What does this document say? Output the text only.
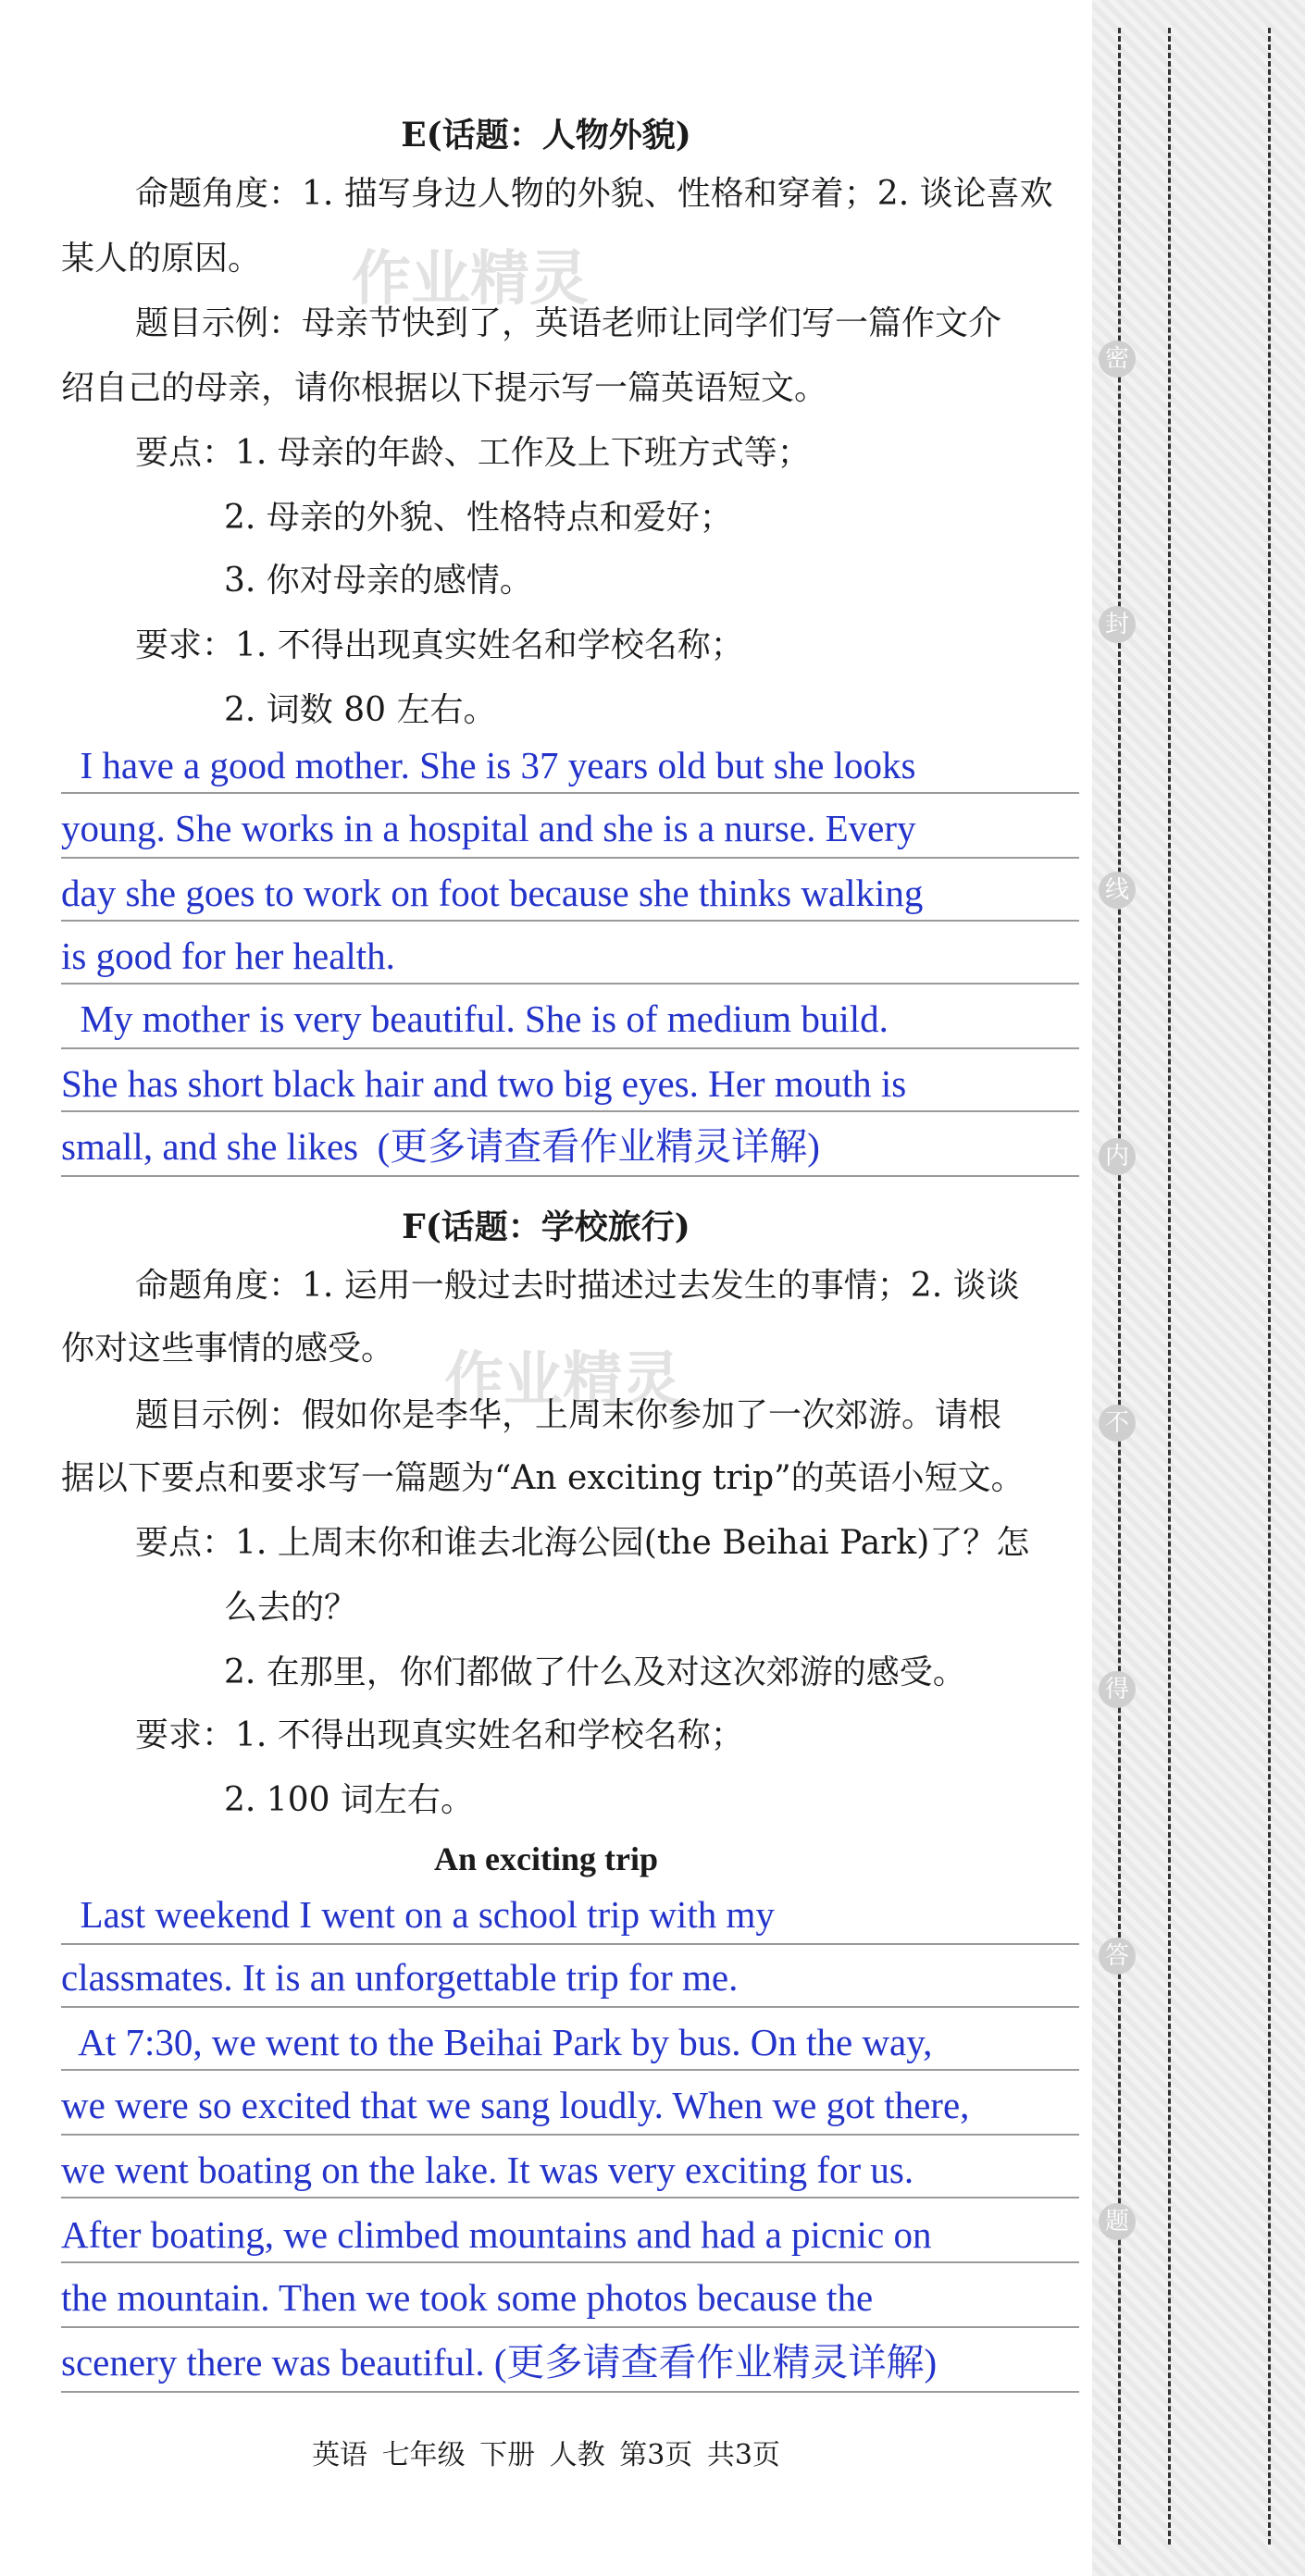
作业精灵
作业精灵
E(话题：人物外貌)
命题角度：1. 描写身边人物的外貌、性格和穿着；2. 谈论喜欢
某人的原因。
题目示例：母亲节快到了，英语老师让同学们写一篇作文介
绍自己的母亲，请你根据以下提示写一篇英语短文。
要点：1. 母亲的年龄、工作及上下班方式等；
2. 母亲的外貌、性格特点和爱好；
3. 你对母亲的感情。
要求：1. 不得出现真实姓名和学校名称；
2. 词数 80 左右。
I have a good mother. She is 37 years old but she looks
young. She works in a hospital and she is a nurse. Every
day she goes to work on foot because she thinks walking
is good for her health.
My mother is very beautiful. She is of medium build.
She has short black hair and two big eyes. Her mouth is
small, and she likes  (更多请查看作业精灵详解)
F(话题：学校旅行)
命题角度：1. 运用一般过去时描述过去发生的事情；2. 谈谈
你对这些事情的感受。
题目示例：假如你是李华，上周末你参加了一次郊游。请根
据以下要点和要求写一篇题为“An exciting trip”的英语小短文。
要点：1. 上周末你和谁去北海公园(the Beihai Park)了？怎
么去的？
2. 在那里，你们都做了什么及对这次郊游的感受。
要求：1. 不得出现真实姓名和学校名称；
2. 100 词左右。
An exciting trip
Last weekend I went on a school trip with my
classmates. It is an unforgettable trip for me.
At 7:30, we went to the Beihai Park by bus. On the way,
we were so excited that we sang loudly. When we got there,
we went boating on the lake. It was very exciting for us.
After boating, we climbed mountains and had a picnic on
the mountain. Then we took some photos because the
scenery there was beautiful. (更多请查看作业精灵详解)
英语 七年级 下册 人教 第3页 共3页
密
封
线
内
不
得
答
题
